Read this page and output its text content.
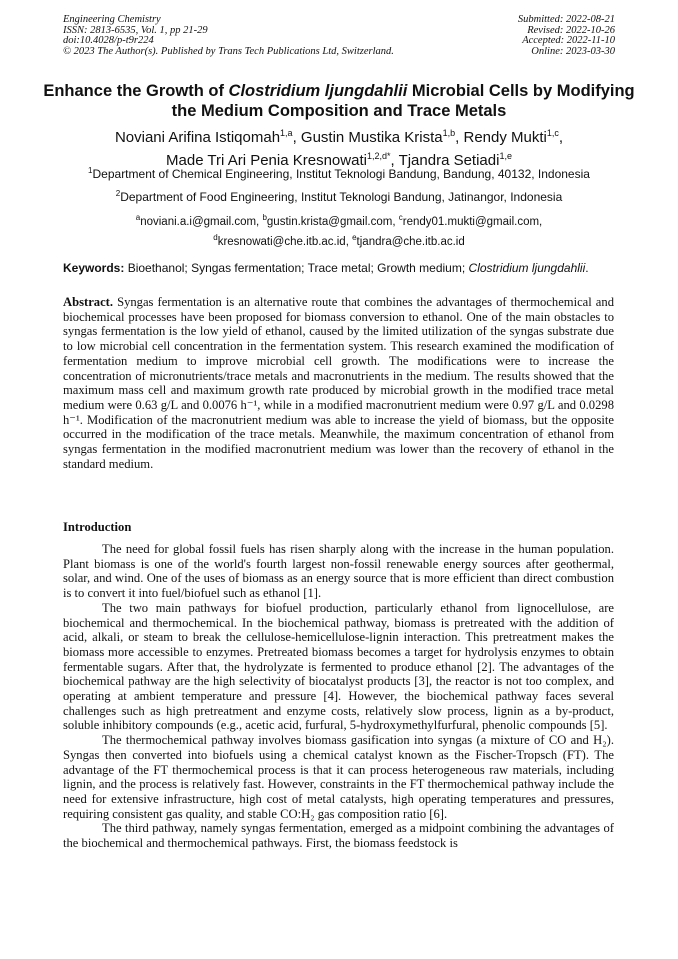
Engineering Chemistry
ISSN: 2813-6535, Vol. 1, pp 21-29
doi:10.4028/p-t9r224
© 2023 The Author(s). Published by Trans Tech Publications Ltd, Switzerland.
Submitted: 2022-08-21
Revised: 2022-10-26
Accepted: 2022-11-10
Online: 2023-03-30
Enhance the Growth of Clostridium ljungdahlii Microbial Cells by Modifying the Medium Composition and Trace Metals
Noviani Arifina Istiqomah$^{1,a}$, Gustin Mustika Krista$^{1,b}$, Rendy Mukti$^{1,c}$,
Made Tri Ari Penia Kresnowati$^{1,2,d*}$, Tjandra Setiadi$^{1,e}$
$^1$Department of Chemical Engineering, Institut Teknologi Bandung, Bandung, 40132, Indonesia
$^2$Department of Food Engineering, Institut Teknologi Bandung, Jatinangor, Indonesia
$^a$noviani.a.i@gmail.com, $^b$gustin.krista@gmail.com, $^c$rendy01.mukti@gmail.com,
$^d$kresnowati@che.itb.ac.id, $^e$tjandra@che.itb.ac.id
Keywords: Bioethanol; Syngas fermentation; Trace metal; Growth medium; Clostridium ljungdahlii.

Abstract. Syngas fermentation is an alternative route that combines the advantages of thermochemical and biochemical processes have been proposed for biomass conversion to ethanol. One of the main obstacles to syngas fermentation is the low yield of ethanol, caused by the limited utilization of the syngas substrate due to low microbial cell concentration in the fermentation system. This research examined the modification of fermentation medium to improve microbial cell growth. The modifications were to increase the concentration of micronutrients/trace metals and macronutrients in the medium. The results showed that the maximum mass cell and maximum growth rate produced by microbial growth in the modified trace metal medium were 0.63 g/L and 0.0076 h⁻¹, while in a modified macronutrient medium were 0.97 g/L and 0.0298 h⁻¹. Modification of the macronutrient medium was able to increase the yield of biomass, but the opposite occurred in the modification of the trace metals. Meanwhile, the maximum concentration of ethanol from syngas fermentation in the modified macronutrient medium was lower than the recovery of ethanol in the standard medium.

Introduction

The need for global fossil fuels has risen sharply along with the increase in the human population. Plant biomass is one of the world's fourth largest non-fossil renewable energy sources after geothermal, solar, and wind. One of the uses of biomass as an energy source that is more efficient than direct combustion is to convert it into fuel/biofuel such as ethanol [1].

The two main pathways for biofuel production, particularly ethanol from lignocellulose, are biochemical and thermochemical. In the biochemical pathway, biomass is pretreated with the addition of acid, alkali, or steam to break the cellulose-hemicellulose-lignin interaction. This pretreatment makes the biomass more accessible to enzymes. Pretreated biomass becomes a target for hydrolysis enzymes to obtain fermentable sugars. After that, the hydrolyzate is fermented to produce ethanol [2]. The advantages of the biochemical pathway are the high selectivity of biocatalyst products [3], the reactor is not too complex, and operating at ambient temperature and pressure [4]. However, the biochemical pathway faces several challenges such as high pretreatment and enzyme costs, relatively slow process, lignin as a by-product, soluble inhibitory compounds (e.g., acetic acid, furfural, 5-hydroxymethylfurfural, phenolic compounds [5].

The thermochemical pathway involves biomass gasification into syngas (a mixture of CO and H₂). Syngas then converted into biofuels using a chemical catalyst known as the Fischer-Tropsch (FT). The advantage of the FT thermochemical process is that it can process heterogeneous raw materials, including lignin, and the process is relatively fast. However, constraints in the FT thermochemical pathway include the need for extensive infrastructure, high cost of metal catalysts, high operating temperatures and pressures, requiring consistent gas quality, and stable CO:H₂ gas composition ratio [6].

The third pathway, namely syngas fermentation, emerged as a midpoint combining the advantages of the biochemical and thermochemical pathways. First, the biomass feedstock is
